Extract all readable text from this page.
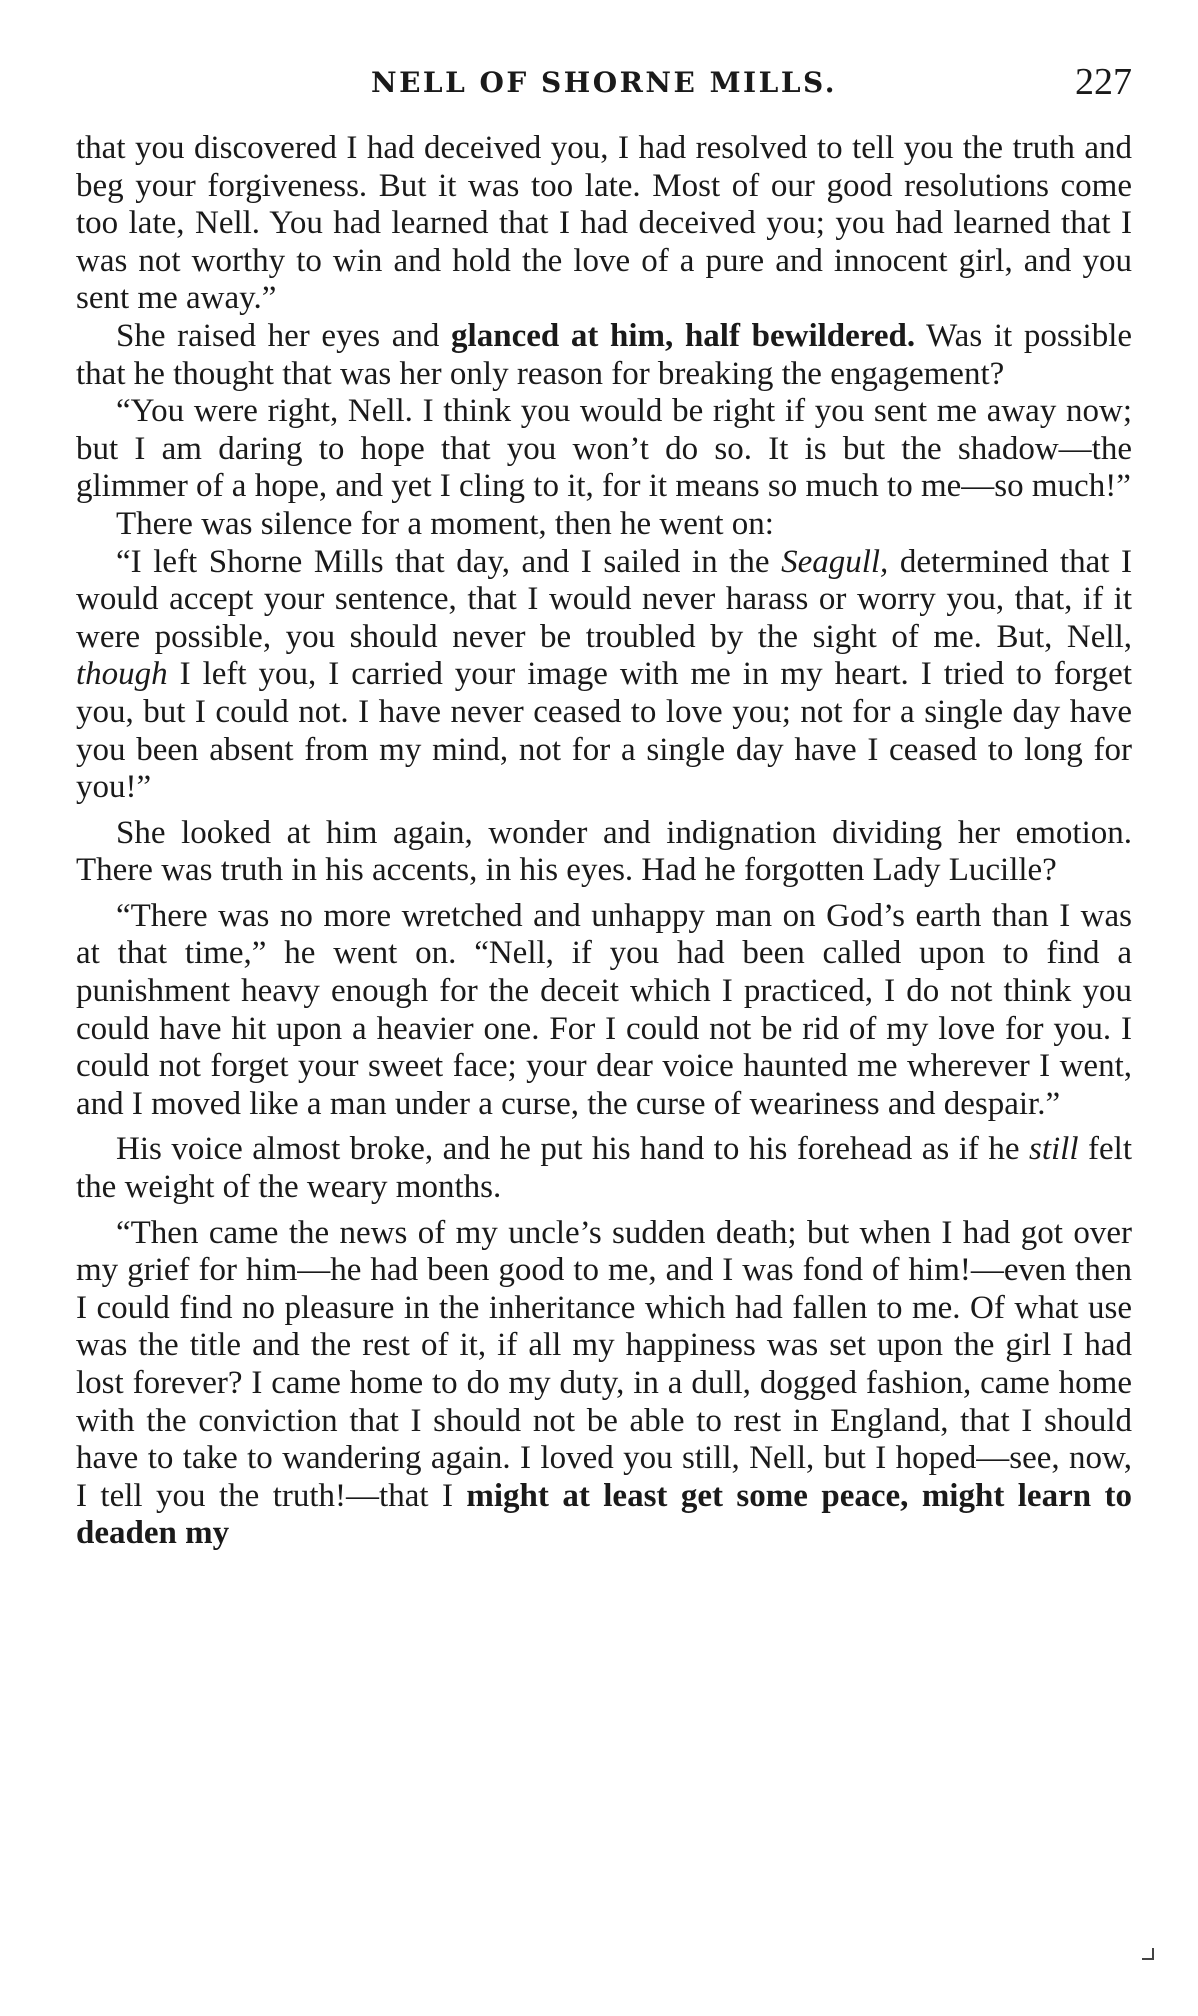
NELL OF SHORNE MILLS.	227

that you discovered I had deceived you, I had resolved to tell you the truth and beg your forgiveness. But it was too late. Most of our good resolutions come too late, Nell. You had learned that I had deceived you; you had learned that I was not worthy to win and hold the love of a pure and innocent girl, and you sent me away.”

She raised her eyes and glanced at him, half bewildered. Was it possible that he thought that was her only reason for breaking the engagement?

“You were right, Nell. I think you would be right if you sent me away now; but I am daring to hope that you won’t do so. It is but the shadow—the glimmer of a hope, and yet I cling to it, for it means so much to me—so much!”

There was silence for a moment, then he went on:

“I left Shorne Mills that day, and I sailed in the Seagull, determined that I would accept your sentence, that I would never harass or worry you, that, if it were possible, you should never be troubled by the sight of me. But, Nell, though I left you, I carried your image with me in my heart. I tried to forget you, but I could not. I have never ceased to love you; not for a single day have you been absent from my mind, not for a single day have I ceased to long for you!”

She looked at him again, wonder and indignation dividing her emotion. There was truth in his accents, in his eyes. Had he forgotten Lady Lucille?

“There was no more wretched and unhappy man on God’s earth than I was at that time,” he went on. “Nell, if you had been called upon to find a punishment heavy enough for the deceit which I practiced, I do not think you could have hit upon a heavier one. For I could not be rid of my love for you. I could not forget your sweet face; your dear voice haunted me wherever I went, and I moved like a man under a curse, the curse of weariness and despair.”

His voice almost broke, and he put his hand to his forehead as if he still felt the weight of the weary months.

“Then came the news of my uncle’s sudden death; but when I had got over my grief for him—he had been good to me, and I was fond of him!—even then I could find no pleasure in the inheritance which had fallen to me. Of what use was the title and the rest of it, if all my happiness was set upon the girl I had lost forever? I came home to do my duty, in a dull, dogged fashion, came home with the conviction that I should not be able to rest in England, that I should have to take to wandering again. I loved you still, Nell, but I hoped—see, now, I tell you the truth!—that I might at least get some peace, might learn to deaden my
